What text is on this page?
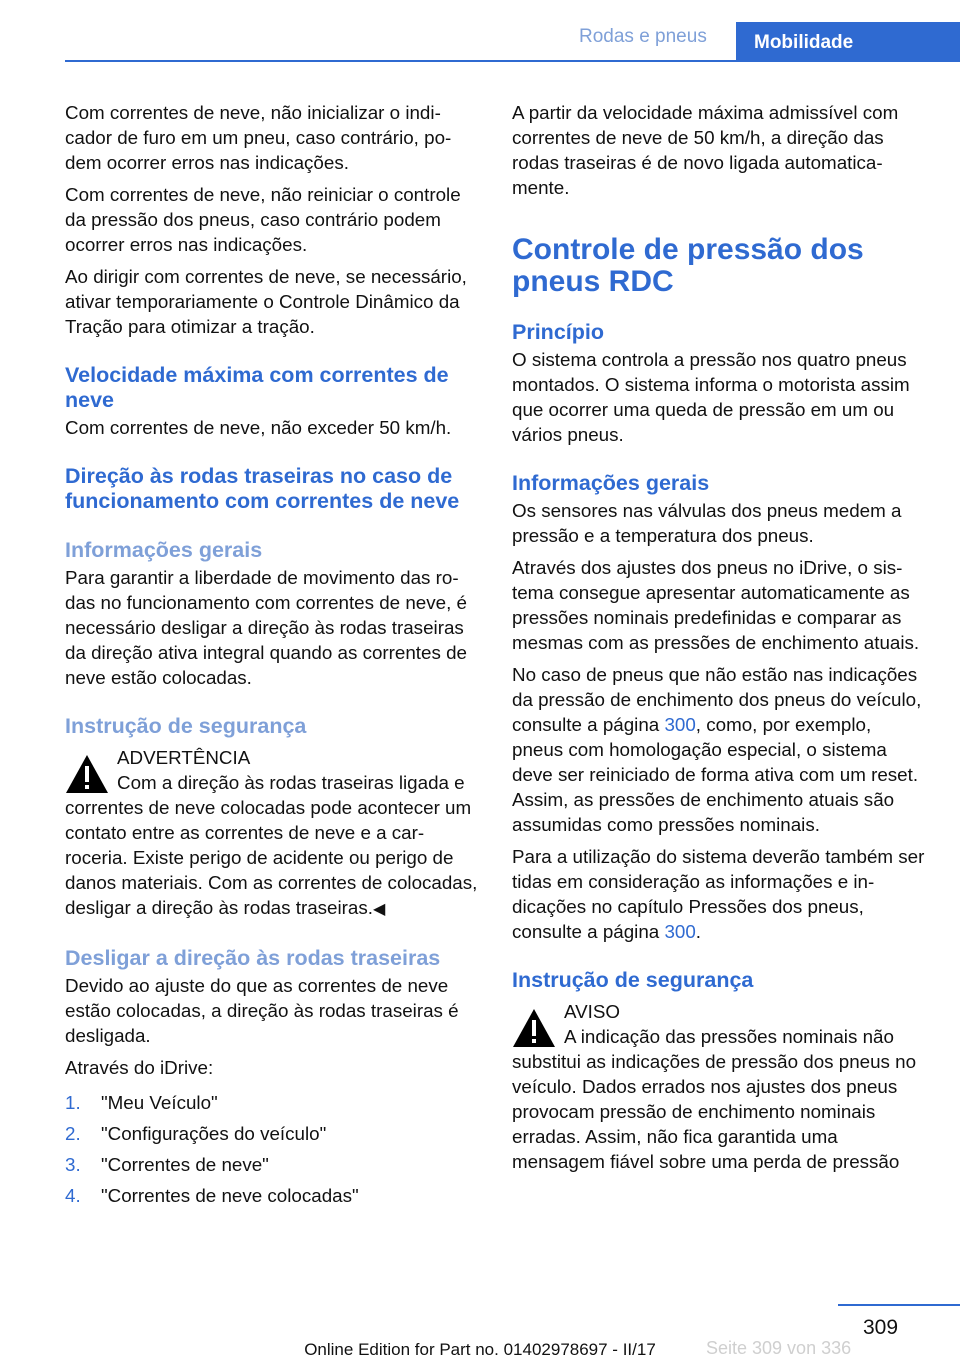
Rodas e pneus	Mobilidade

Com correntes de neve, não inicializar o indicador de furo em um pneu, caso contrário, podem ocorrer erros nas indicações.

Com correntes de neve, não reiniciar o controle da pressão dos pneus, caso contrário podem ocorrer erros nas indicações.

Ao dirigir com correntes de neve, se necessário, ativar temporariamente o Controle Dinâmico da Tração para otimizar a tração.

Velocidade máxima com correntes de neve

Com correntes de neve, não exceder 50 km/h.

Direção às rodas traseiras no caso de funcionamento com correntes de neve
Informações gerais

Para garantir a liberdade de movimento das rodas no funcionamento com correntes de neve, é necessário desligar a direção às rodas traseiras da direção ativa integral quando as correntes de neve estão colocadas.

Instrução de segurança

ADVERTÊNCIA

Com a direção às rodas traseiras ligada e correntes de neve colocadas pode acontecer um contato entre as correntes de neve e a carroceria. Existe perigo de acidente ou perigo de danos materiais. Com as correntes de colocadas, desligar a direção às rodas traseiras.◀

Desligar a direção às rodas traseiras

Devido ao ajuste do que as correntes de neve estão colocadas, a direção às rodas traseiras é desligada.

Através do iDrive:

1. "Meu Veículo"
2. "Configurações do veículo"
3. "Correntes de neve"
4. "Correntes de neve colocadas"

A partir da velocidade máxima admissível com correntes de neve de 50 km/h, a direção das rodas traseiras é de novo ligada automaticamente.

Controle de pressão dos pneus RDC
Princípio

O sistema controla a pressão nos quatro pneus montados. O sistema informa o motorista assim que ocorrer uma queda de pressão em um ou vários pneus.

Informações gerais

Os sensores nas válvulas dos pneus medem a pressão e a temperatura dos pneus.

Através dos ajustes dos pneus no iDrive, o sistema consegue apresentar automaticamente as pressões nominais predefinidas e comparar as mesmas com as pressões de enchimento atuais.

No caso de pneus que não estão nas indicações da pressão de enchimento dos pneus do veículo, consulte a página 300, como, por exemplo, pneus com homologação especial, o sistema deve ser reiniciado de forma ativa com um reset. Assim, as pressões de enchimento atuais são assumidas como pressões nominais.

Para a utilização do sistema deverão também ser tidas em consideração as informações e indicações no capítulo Pressões dos pneus, consulte a página 300.

Instrução de segurança

AVISO

A indicação das pressões nominais não substitui as indicações de pressão dos pneus no veículo. Dados errados nos ajustes dos pneus provocam pressão de enchimento nominais erradas. Assim, não fica garantida uma mensagem fiável sobre uma perda de pressão

309
Seite 309 von 336
Online Edition for Part no. 01402978697 - II/17
